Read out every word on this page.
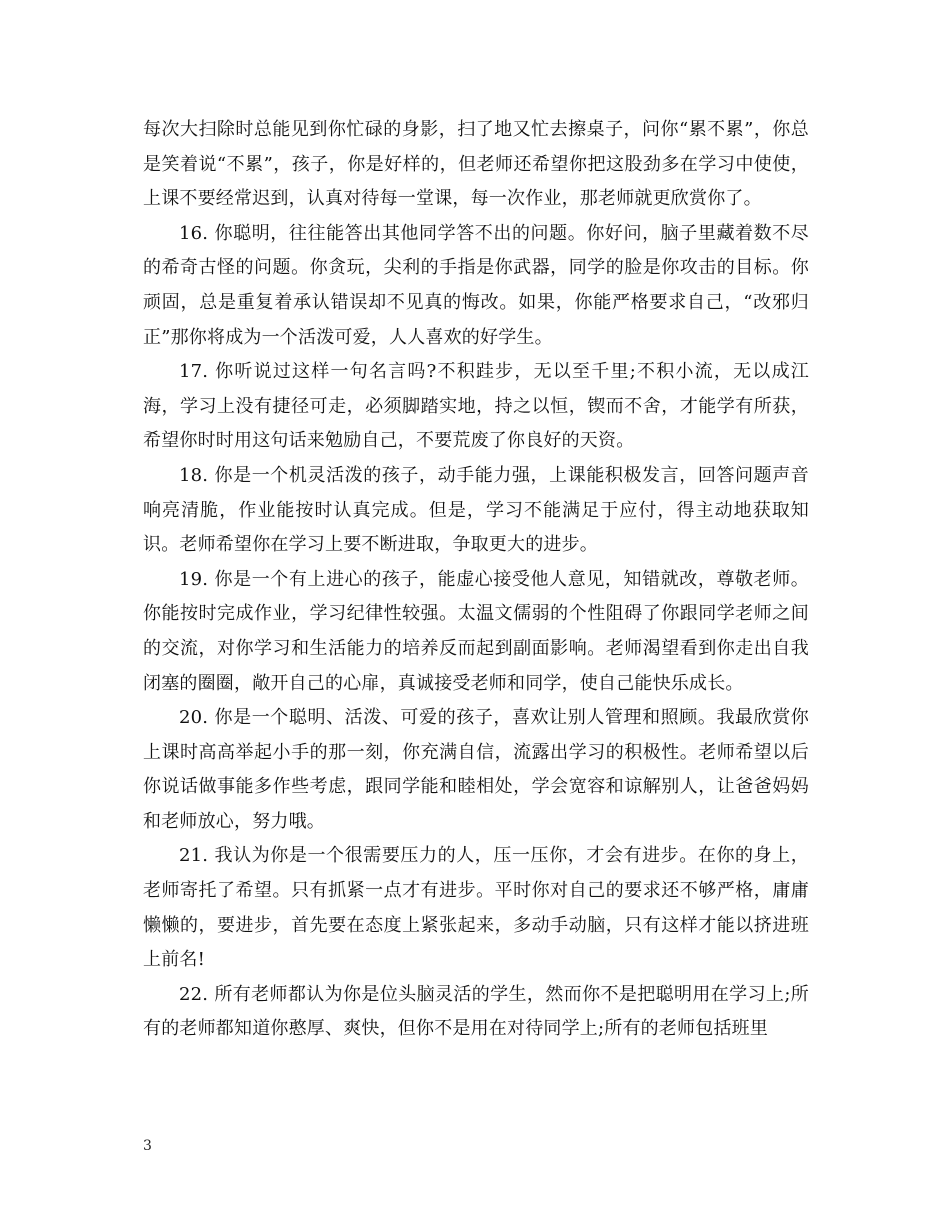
每次大扫除时总能见到你忙碌的身影，扫了地又忙去擦桌子，问你“累不累”，你总是笑着说“不累”，孩子，你是好样的，但老师还希望你把这股劲多在学习中使使，上课不要经常迟到，认真对待每一堂课，每一次作业，那老师就更欣赏你了。

16. 你聪明，往往能答出其他同学答不出的问题。你好问，脑子里藏着数不尽的希奇古怪的问题。你贪玩，尖利的手指是你武器，同学的脸是你攻击的目标。你顽固，总是重复着承认错误却不见真的悔改。如果，你能严格要求自己，“改邪归正”那你将成为一个活泼可爱，人人喜欢的好学生。

17. 你听说过这样一句名言吗?不积跬步，无以至千里;不积小流，无以成江海，学习上没有捷径可走，必须脚踏实地，持之以恒，锲而不舍，才能学有所获，希望你时时用这句话来勉励自己，不要荒废了你良好的天资。

18. 你是一个机灵活泼的孩子，动手能力强，上课能积极发言，回答问题声音响亮清脆，作业能按时认真完成。但是，学习不能满足于应付，得主动地获取知识。老师希望你在学习上要不断进取，争取更大的进步。

19. 你是一个有上进心的孩子，能虚心接受他人意见，知错就改，尊敬老师。你能按时完成作业，学习纪律性较强。太温文儒弱的个性阻碍了你跟同学老师之间的交流，对你学习和生活能力的培养反而起到副面影响。老师渴望看到你走出自我闭塞的圈圈，敞开自己的心扉，真诚接受老师和同学，使自己能快乐成长。

20. 你是一个聪明、活泼、可爱的孩子，喜欢让别人管理和照顾。我最欣赏你上课时高高举起小手的那一刻，你充满自信，流露出学习的积极性。老师希望以后你说话做事能多作些考虑，跟同学能和睦相处，学会宽容和谅解别人，让爸爸妈妈和老师放心，努力哦。

21. 我认为你是一个很需要压力的人，压一压你，才会有进步。在你的身上，老师寄托了希望。只有抓紧一点才有进步。平时你对自己的要求还不够严格，庸庸懒懒的，要进步，首先要在态度上紧张起来，多动手动脑，只有这样才能以挤进班上前名!

22. 所有老师都认为你是位头脑灵活的学生，然而你不是把聪明用在学习上;所有的老师都知道你憨厚、爽快，但你不是用在对待同学上;所有的老师包括班里

3
